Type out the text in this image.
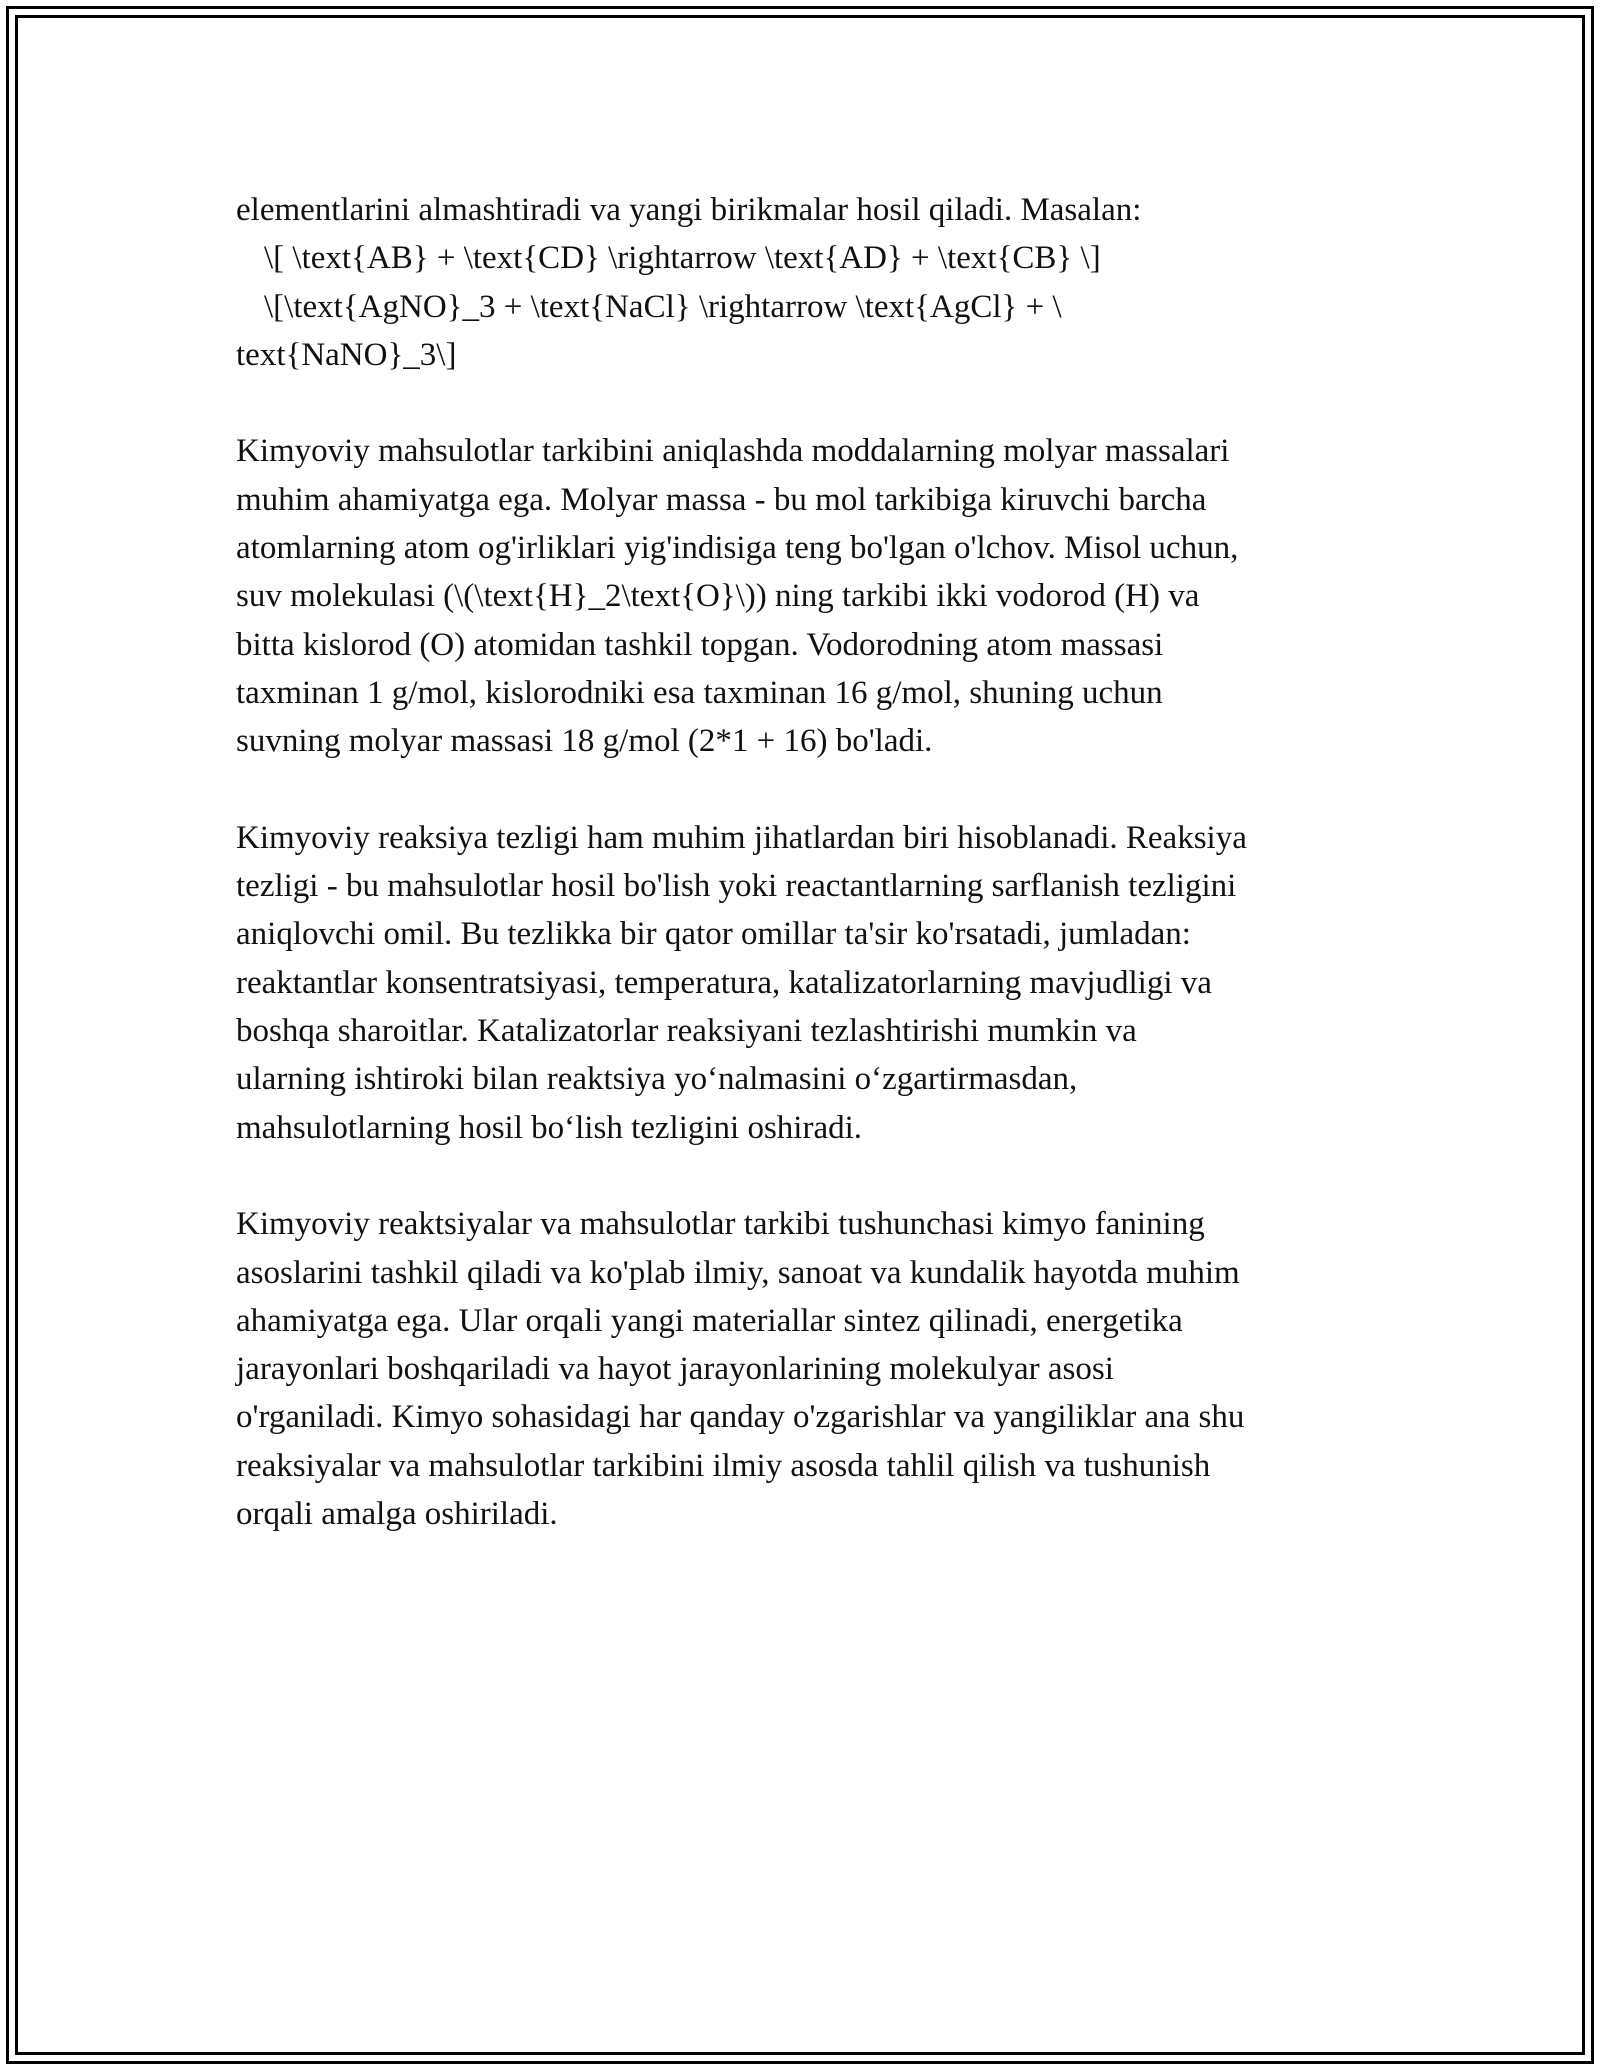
elementlarini almashtiradi va yangi birikmalar hosil qiladi. Masalan:
\[ \text{AB} + \text{CD} \rightarrow \text{AD} + \text{CB} \]
\[\text{AgNO}_3 + \text{NaCl} \rightarrow \text{AgCl} + \
text{NaNO}_3\]
Kimyoviy mahsulotlar tarkibini aniqlashda moddalarning molyar massalari
muhim ahamiyatga ega. Molyar massa - bu mol tarkibiga kiruvchi barcha
atomlarning atom og'irliklari yig'indisiga teng bo'lgan o'lchov. Misol uchun,
suv molekulasi (\(\text{H}_2\text{O}\)) ning tarkibi ikki vodorod (H) va
bitta kislorod (O) atomidan tashkil topgan. Vodorodning atom massasi
taxminan 1 g/mol, kislorodniki esa taxminan 16 g/mol, shuning uchun
suvning molyar massasi 18 g/mol (2*1 + 16) bo'ladi.
Kimyoviy reaksiya tezligi ham muhim jihatlardan biri hisoblanadi. Reaksiya
tezligi - bu mahsulotlar hosil bo'lish yoki reactantlarning sarflanish tezligini
aniqlovchi omil. Bu tezlikka bir qator omillar ta'sir ko'rsatadi, jumladan:
reaktantlar konsentratsiyasi, temperatura, katalizatorlarning mavjudligi va
boshqa sharoitlar. Katalizatorlar reaksiyani tezlashtirishi mumkin va
ularning ishtiroki bilan reaktsiya yo‘nalmasini o‘zgartirmasdan,
mahsulotlarning hosil bo‘lish tezligini oshiradi.
Kimyoviy reaktsiyalar va mahsulotlar tarkibi tushunchasi kimyo fanining
asoslarini tashkil qiladi va ko'plab ilmiy, sanoat va kundalik hayotda muhim
ahamiyatga ega. Ular orqali yangi materiallar sintez qilinadi, energetika
jarayonlari boshqariladi va hayot jarayonlarining molekulyar asosi
o'rganiladi. Kimyo sohasidagi har qanday o'zgarishlar va yangiliklar ana shu
reaksiyalar va mahsulotlar tarkibini ilmiy asosda tahlil qilish va tushunish
orqali amalga oshiriladi.
